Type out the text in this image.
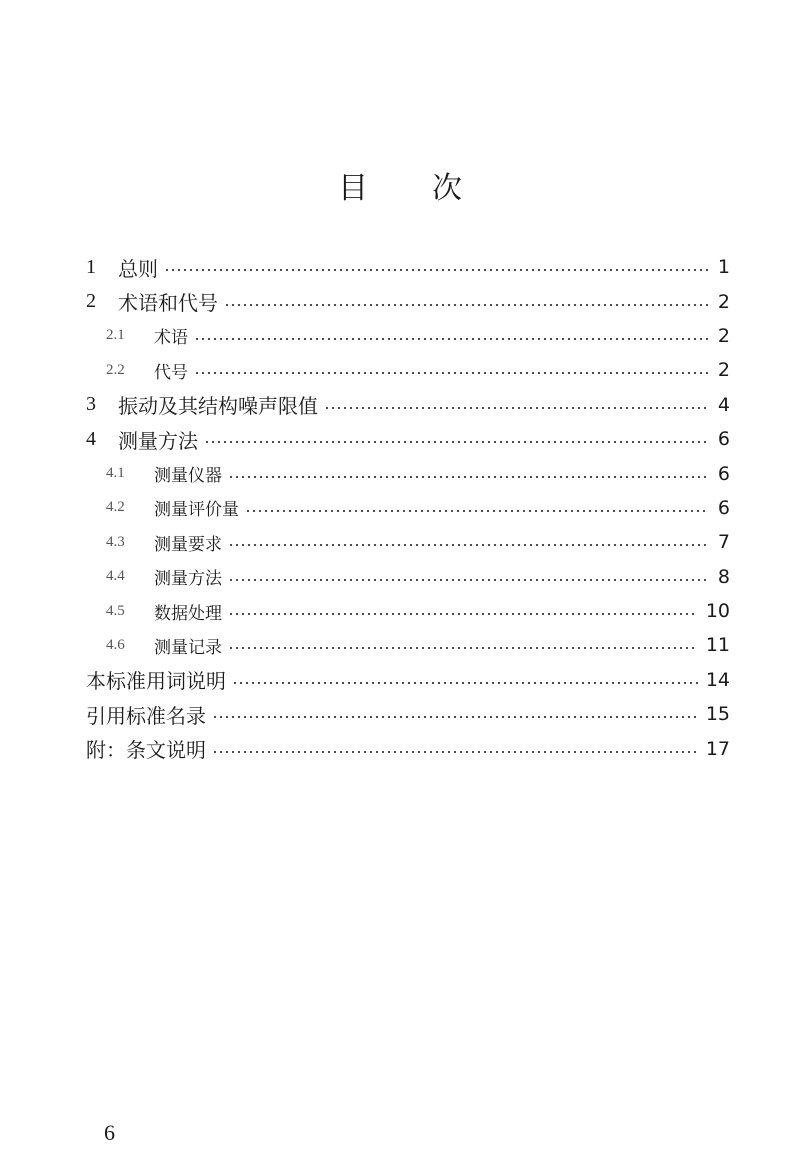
目 次
1	总则	1
2	术语和代号	2
2.1	术语	2
2.2	代号	2
3	振动及其结构噪声限值	4
4	测量方法	6
4.1	测量仪器	6
4.2	测量评价量	6
4.3	测量要求	7
4.4	测量方法	8
4.5	数据处理	10
4.6	测量记录	11
本标准用词说明	14
引用标准名录	15
附：条文说明	17
6
